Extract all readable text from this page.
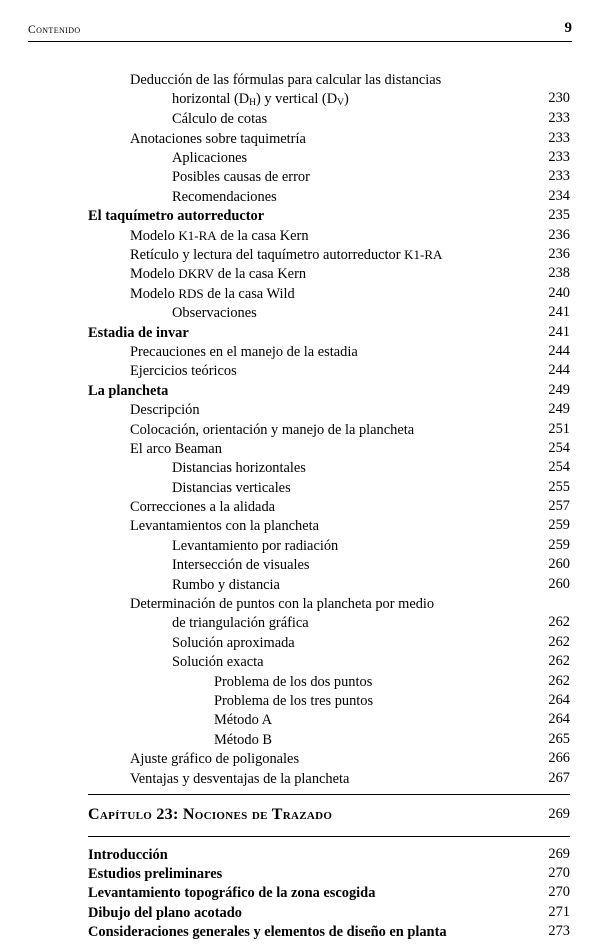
Contenido	9
Deducción de las fórmulas para calcular las distancias
horizontal $(D_H)$ y vertical $(D_V)$	230
Cálculo de cotas	233
Anotaciones sobre taquimetría	233
Aplicaciones	233
Posibles causas de error	233
Recomendaciones	234
El taquímetro autorreductor	235
Modelo K1-RA de la casa Kern	236
Retículo y lectura del taquímetro autorreductor K1-RA	236
Modelo DKRV de la casa Kern	238
Modelo RDS de la casa Wild	240
Observaciones	241
Estadia de invar	241
Precauciones en el manejo de la estadia	244
Ejercicios teóricos	244
La plancheta	249
Descripción	249
Colocación, orientación y manejo de la plancheta	251
El arco Beaman	254
Distancias horizontales	254
Distancias verticales	255
Correcciones a la alidada	257
Levantamientos con la plancheta	259
Levantamiento por radiación	259
Intersección de visuales	260
Rumbo y distancia	260
Determinación de puntos con la plancheta por medio
de triangulación gráfica	262
Solución aproximada	262
Solución exacta	262
Problema de los dos puntos	262
Problema de los tres puntos	264
Método A	264
Método B	265
Ajuste gráfico de poligonales	266
Ventajas y desventajas de la plancheta	267
Capítulo 23: Nociones de Trazado	269
Introducción	269
Estudios preliminares	270
Levantamiento topográfico de la zona escogida	270
Dibujo del plano acotado	271
Consideraciones generales y elementos de diseño en planta	273
